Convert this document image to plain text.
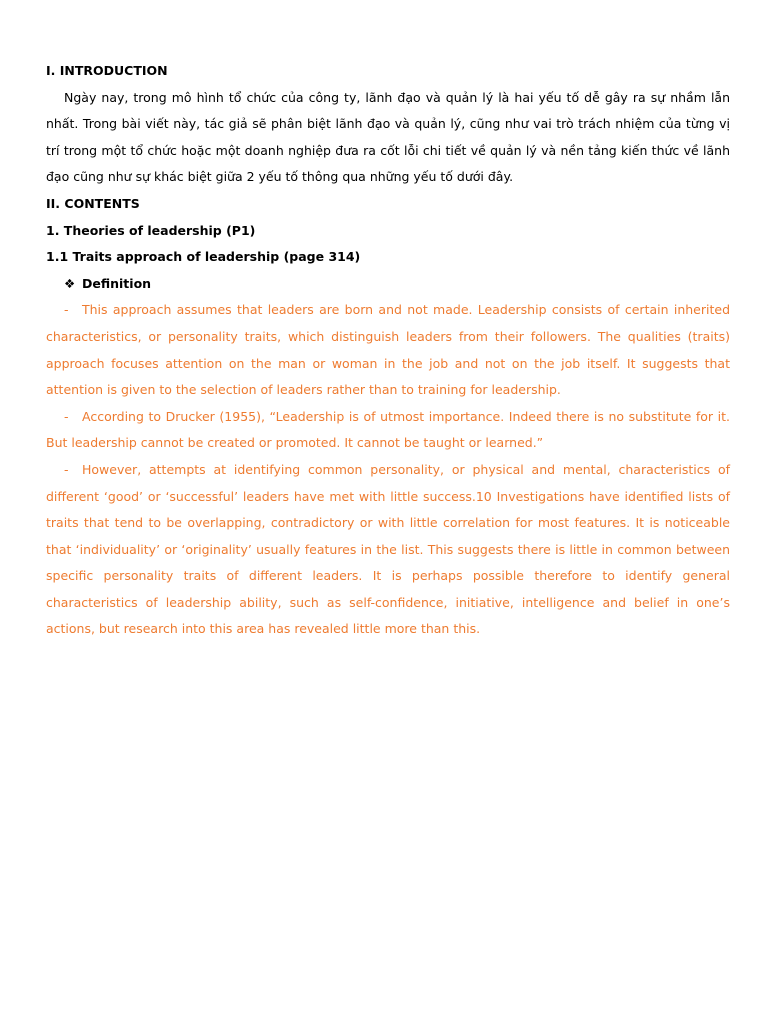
I. INTRODUCTION

Ngày nay, trong mô hình tổ chức của công ty, lãnh đạo và quản lý là hai yếu tố dễ gây ra sự nhầm lẫn nhất. Trong bài viết này, tác giả sẽ phân biệt lãnh đạo và quản lý, cũng như vai trò trách nhiệm của từng vị trí trong một tổ chức hoặc một doanh nghiệp đưa ra cốt lỗi chi tiết về quản lý và nền tảng kiến thức về lãnh đạo cũng như sự khác biệt giữa 2 yếu tố thông qua những yếu tố dưới đây.

II. CONTENTS

1. Theories of leadership (P1)

1.1 Traits approach of leadership (page 314)

❖ Definition

- This approach assumes that leaders are born and not made. Leadership consists of certain inherited characteristics, or personality traits, which distinguish leaders from their followers. The qualities (traits) approach focuses attention on the man or woman in the job and not on the job itself. It suggests that attention is given to the selection of leaders rather than to training for leadership.

- According to Drucker (1955), “Leadership is of utmost importance. Indeed there is no substitute for it. But leadership cannot be created or promoted. It cannot be taught or learned.”

- However, attempts at identifying common personality, or physical and mental, characteristics of different ‘good’ or ‘successful’ leaders have met with little success.10 Investigations have identified lists of traits that tend to be overlapping, contradictory or with little correlation for most features. It is noticeable that ‘individuality’ or ‘originality’ usually features in the list. This suggests there is little in common between specific personality traits of different leaders. It is perhaps possible therefore to identify general characteristics of leadership ability, such as self-confidence, initiative, intelligence and belief in one’s actions, but research into this area has revealed little more than this.
